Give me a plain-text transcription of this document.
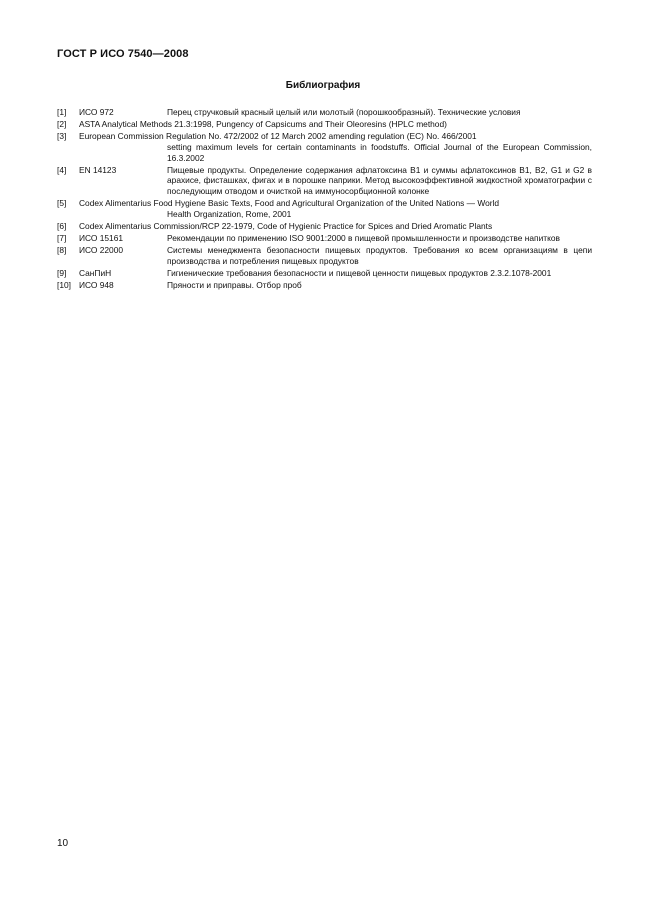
ГОСТ Р ИСО 7540—2008
Библиография
[1] ИСО 972	Перец стручковый красный целый или молотый (порошкообразный). Технические условия
[2] ASTA Analytical Methods 21.3:1998, Pungency of Capsicums and Their Oleoresins (HPLC method)
[3] European Commission Regulation No. 472/2002 of 12 March 2002 amending regulation (EC) No. 466/2001
setting maximum levels for certain contaminants in foodstuffs. Official Journal of the European Commission, 16.3.2002
[4] EN 14123	Пищевые продукты. Определение содержания афлатоксина B1 и суммы афлатоксинов B1, B2, G1 и G2 в арахисе, фисташках, фигах и в порошке паприки. Метод высокоэффективной жидкостной хроматографии с последующим отводом и очисткой на иммуносорбционной колонке
[5] Codex Alimentarius Food Hygiene Basic Texts, Food and Agricultural Organization of the United Nations — World
Health Organization, Rome, 2001
[6] Codex Alimentarius Commission/RCP 22-1979, Code of Hygienic Practice for Spices and Dried Aromatic Plants
[7] ИСО 15161	Рекомендации по применению ISO 9001:2000 в пищевой промышленности и производстве напитков
[8] ИСО 22000	Системы менеджмента безопасности пищевых продуктов. Требования ко всем организациям в цепи производства и потребления пищевых продуктов
[9] СанПиН	Гигиенические требования безопасности и пищевой ценности пищевых продуктов 2.3.2.1078-2001
[10] ИСО 948	Пряности и приправы. Отбор проб
10
